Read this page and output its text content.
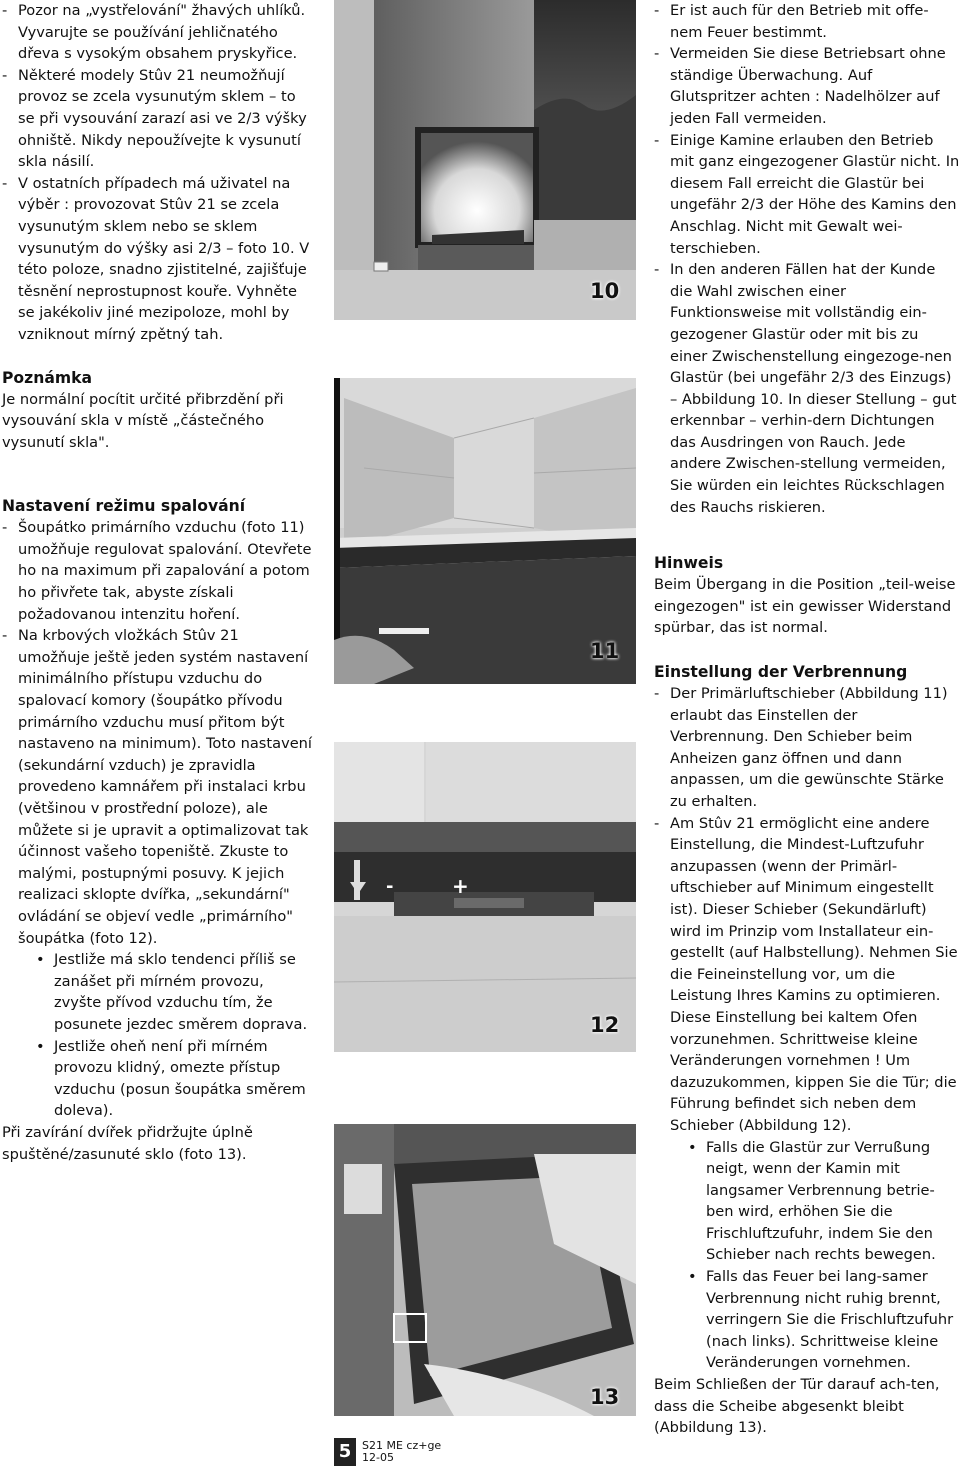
- Pozor na „vystřelování" žhavých uhlíků. Vyvarujte se používání jehličnatého dřeva s vysokým obsahem pryskyřice.
- Některé modely Stûv 21 neumožňují provoz se zcela vysunutým sklem – to se při vysouvání zarazí asi ve 2/3 výšky ohniště. Nikdy nepoužívejte k vysunutí skla násilí.
- V ostatních případech má uživatel na výběr : provozovat Stûv 21 se zcela vysunutým sklem nebo se sklem vysunutým do výšky asi 2/3 – foto 10. V této poloze, snadno zjistitelné, zajišťuje těsnění neprostupnost kouře. Vyhněte se jakékoliv jiné mezipoloze, mohl by vzniknout mírný zpětný tah.
Poznámka

Je normální pocítit určité přibrzdění při vysouvání skla v místě „částečného vysunutí skla".

Nastavení režimu spalování
- Šoupátko primárního vzduchu (foto 11) umožňuje regulovat spalování. Otevřete ho na maximum při zapalování a potom ho přivřete tak, abyste získali požadovanou intenzitu hoření.
- Na krbových vložkách Stûv 21 umožňuje ještě jeden systém nastavení minimálního přístupu vzduchu do spalovací komory (šoupátko přívodu primárního vzduchu musí přitom být nastaveno na minimum). Toto nastavení (sekundární vzduch) je zpravidla provedeno kamnářem při instalaci krbu (většinou v prostřední poloze), ale můžete si je upravit a optimalizovat tak účinnost vašeho topeniště. Zkuste to malými, postupnými posuvy. K jejich realizaci sklopte dvířka, „sekundární" ovládání se objeví vedle „primárního" šoupátka (foto 12).
• Jestliže má sklo tendenci příliš se zanášet při mírném provozu, zvyšte přívod vzduchu tím, že posunete jezdec směrem doprava.
• Jestliže oheň není při mírném provozu klidný, omezte přístup vzduchu (posun šoupátka směrem doleva).

Při zavírání dvířek přidržujte úplně spuštěné/zasunuté sklo (foto 13).

10
11
-	+
12
13
- Er ist auch für den Betrieb mit offe-nem Feuer bestimmt.
- Vermeiden Sie diese Betriebsart ohne ständige Überwachung. Auf Glutspritzer achten : Nadelhölzer auf jeden Fall vermeiden.
- Einige Kamine erlauben den Betrieb mit ganz eingezogener Glastür nicht. In diesem Fall erreicht die Glastür bei ungefähr 2/3 der Höhe des Kamins den Anschlag. Nicht mit Gewalt wei-terschieben.
- In den anderen Fällen hat der Kunde die Wahl zwischen einer Funktionsweise mit vollständig ein-gezogener Glastür oder mit bis zu einer Zwischenstellung eingezoge-nen Glastür (bei ungefähr 2/3 des Einzugs) – Abbildung 10. In dieser Stellung – gut erkennbar – verhin-dern Dichtungen das Ausdringen von Rauch. Jede andere Zwischen-stellung vermeiden, Sie würden ein leichtes Rückschlagen des Rauchs riskieren.
Hinweis

Beim Übergang in die Position „teil-weise eingezogen" ist ein gewisser Widerstand spürbar, das ist normal.

Einstellung der Verbrennung
- Der Primärluftschieber (Abbildung 11) erlaubt das Einstellen der Verbrennung. Den Schieber beim Anheizen ganz öffnen und dann anpassen, um die gewünschte Stärke zu erhalten.
- Am Stûv 21 ermöglicht eine andere Einstellung, die Mindest-Luftzufuhr anzupassen (wenn der Primärl-uftschieber auf Minimum eingestellt ist). Dieser Schieber (Sekundärluft) wird im Prinzip vom Installateur ein-gestellt (auf Halbstellung). Nehmen Sie die Feineinstellung vor, um die Leistung Ihres Kamins zu optimieren. Diese Einstellung bei kaltem Ofen vorzunehmen. Schrittweise kleine Veränderungen vornehmen ! Um dazuzukommen, kippen Sie die Tür; die Führung befindet sich neben dem Schieber (Abbildung 12).
• Falls die Glastür zur Verrußung neigt, wenn der Kamin mit langsamer Verbrennung betrie-ben wird, erhöhen Sie die Frischluftzufuhr, indem Sie den Schieber nach rechts bewegen.
• Falls das Feuer bei lang-samer Verbrennung nicht ruhig brennt, verringern Sie die Frischluftzufuhr (nach links). Schrittweise kleine Veränderungen vornehmen.

Beim Schließen der Tür darauf ach-ten, dass die Scheibe abgesenkt bleibt (Abbildung 13).

5 S21 ME cz+ge
12-05
